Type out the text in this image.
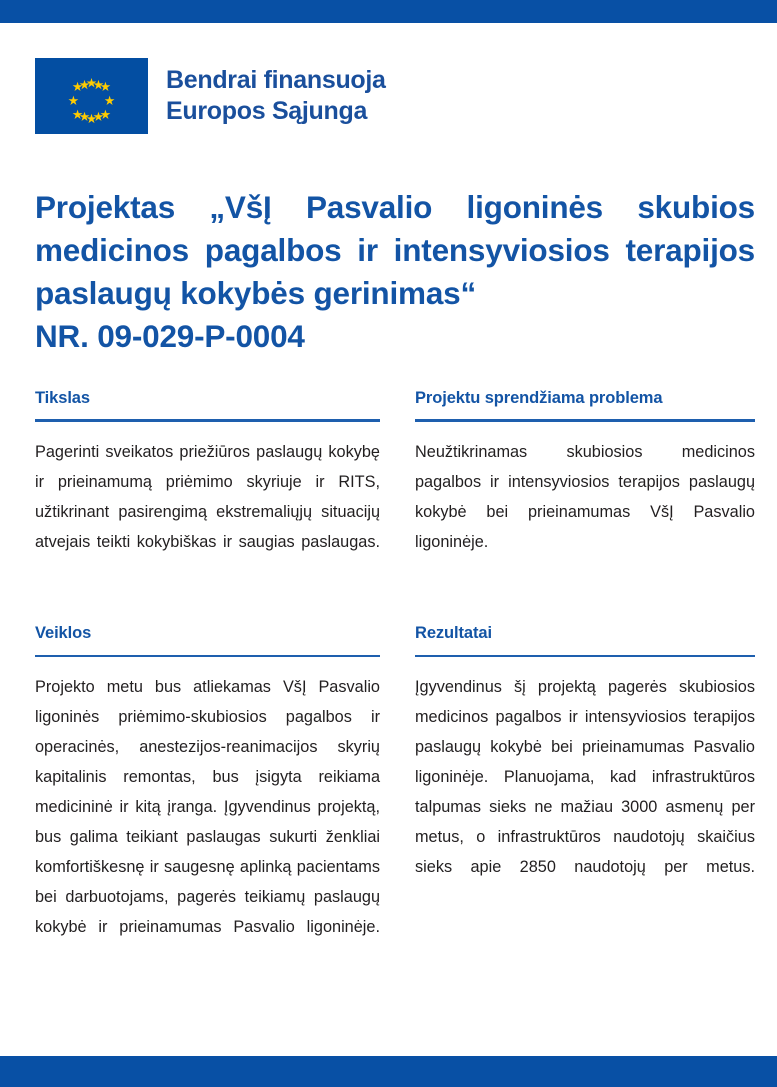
Bendrai finansuoja
Europos Sąjunga
Projektas „VšĮ Pasvalio ligoninės skubios medicinos pagalbos ir intensyviosios terapijos paslaugų kokybės gerinimas“
NR. 09-029-P-0004
Tikslas

Pagerinti sveikatos priežiūros paslaugų kokybę ir prieinamumą priėmimo skyriuje ir RITS, užtikrinant pasirengimą ekstremaliųjų situacijų atvejais teikti kokybiškas ir saugias paslaugas.

Projektu sprendžiama problema

Neužtikrinamas skubiosios medicinos pagalbos ir intensyviosios terapijos paslaugų kokybė bei prieinamumas VšĮ Pasvalio ligoninėje.

Veiklos

Projekto metu bus atliekamas VšĮ Pasvalio ligoninės priėmimo-skubiosios pagalbos ir operacinės, anestezijos-reanimacijos skyrių kapitalinis remontas, bus įsigyta reikiama medicininė ir kitą įranga. Įgyvendinus projektą, bus galima teikiant paslaugas sukurti ženkliai komfortiškesnę ir saugesnę aplinką pacientams bei darbuotojams, pagerės teikiamų paslaugų kokybė ir prieinamumas Pasvalio ligoninėje.

Rezultatai

Įgyvendinus šį projektą pagerės skubiosios medicinos pagalbos ir intensyviosios terapijos paslaugų kokybė bei prieinamumas Pasvalio ligoninėje. Planuojama, kad infrastruktūros talpumas sieks ne mažiau 3000 asmenų per metus, o infrastruktūros naudotojų skaičius sieks apie 2850 naudotojų per metus.
